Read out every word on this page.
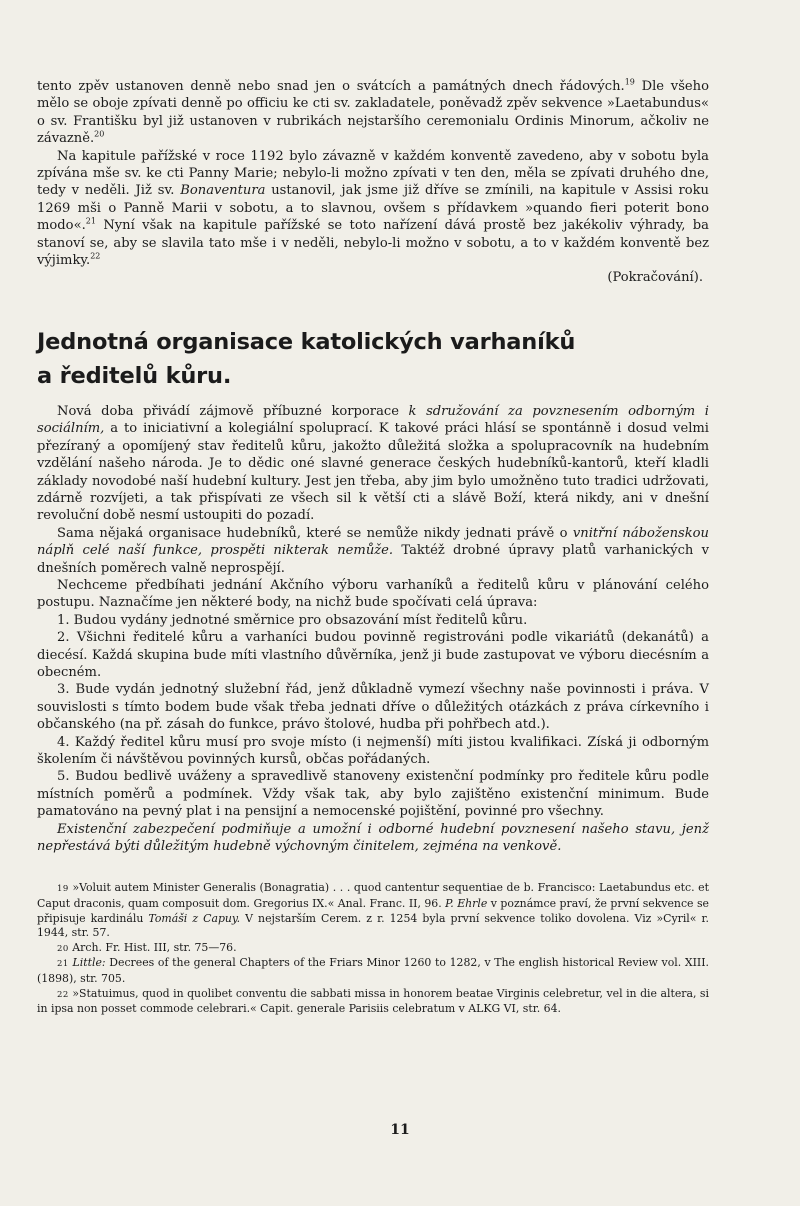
tento zpěv ustanoven denně nebo snad jen o svátcích a památných dnech řádových.$^{19}$ Dle všeho mělo se oboje zpívati denně po officiu ke cti sv. zakladatele, poněvadž zpěv sekvence »Laetabundus« o sv. Františku byl již ustanoven v rubrikách nejstaršího ceremonialu Ordinis Minorum, ačkoliv ne závazně.$^{20}$

Na kapitule pařížské v roce 1192 bylo závazně v každém konventě zavedeno, aby v sobotu byla zpívána mše sv. ke cti Panny Marie; nebylo-li možno zpívati v ten den, měla se zpívati druhého dne, tedy v neděli. Již sv. Bonaventura ustanovil, jak jsme již dříve se zmínili, na kapitule v Assisi roku 1269 mši o Panně Marii v sobotu, a to slavnou, ovšem s přídavkem »quando fieri poterit bono modo«.$^{21}$ Nyní však na kapitule pařížské se toto nařízení dává prostě bez jakékoliv výhrady, ba stanoví se, aby se slavila tato mše i v neděli, nebylo-li možno v sobotu, a to v každém konventě bez výjimky.$^{22}$

(Pokračování).

Jednotná organisace katolických varhaníků
a ředitelů kůru.

Nová doba přivádí zájmově příbuzné korporace k sdružování za povznesením odborným i sociálním, a to iniciativní a kolegiální spoluprací. K takové práci hlásí se spontánně i dosud velmi přezíraný a opomíjený stav ředitelů kůru, jakožto důležitá složka a spolupracovník na hudebním vzdělání našeho národa. Je to dědic oné slavné generace českých hudebníků-kantorů, kteří kladli základy novodobé naší hudební kultury. Jest jen třeba, aby jim bylo umožněno tuto tradici udržovati, zdárně rozvíjeti, a tak přispívati ze všech sil k větší cti a slávě Boží, která nikdy, ani v dnešní revoluční době nesmí ustoupiti do pozadí.

Sama nějaká organisace hudebníků, které se nemůže nikdy jednati právě o vnitřní náboženskou náplň celé naší funkce, prospěti nikterak nemůže. Taktéž drobné úpravy platů varhanických v dnešních poměrech valně neprospějí.

Nechceme předbíhati jednání Akčního výboru varhaníků a ředitelů kůru v plánování celého postupu. Naznačíme jen některé body, na nichž bude spočívati celá úprava:

1. Budou vydány jednotné směrnice pro obsazování míst ředitelů kůru.

2. Všichni ředitelé kůru a varhaníci budou povinně registrováni podle vikariátů (dekanátů) a diecésí. Každá skupina bude míti vlastního důvěrníka, jenž ji bude zastupovat ve výboru diecésním a obecném.

3. Bude vydán jednotný služební řád, jenž důkladně vymezí všechny naše povinnosti i práva. V souvislosti s tímto bodem bude však třeba jednati dříve o důležitých otázkách z práva církevního i občanského (na př. zásah do funkce, právo štolové, hudba při pohřbech atd.).

4. Každý ředitel kůru musí pro svoje místo (i nejmenší) míti jistou kvalifikaci. Získá ji odborným školením či návštěvou povinných kursů, občas pořádaných.

5. Budou bedlivě uváženy a spravedlivě stanoveny existenční podmínky pro ředitele kůru podle místních poměrů a podmínek. Vždy však tak, aby bylo zajištěno existenční minimum. Bude pamatováno na pevný plat i na pensijní a nemocenské pojištění, povinné pro všechny.

Existenční zabezpečení podmiňuje a umožní i odborné hudební povznesení našeho stavu, jenž nepřestává býti důležitým hudebně výchovným činitelem, zejména na venkově.

19 »Voluit autem Minister Generalis (Bonagratia) . . . quod cantentur sequentiae de b. Francisco: Laetabundus etc. et Caput draconis, quam composuit dom. Gregorius IX.« Anal. Franc. II, 96. P. Ehrle v poznámce praví, že první sekvence se připisuje kardinálu Tomáši z Capuy. V nejstarším Cerem. z r. 1254 byla první sekvence toliko dovolena. Viz »Cyril« r. 1944, str. 57.

20 Arch. Fr. Hist. III, str. 75—76.

21 Little: Decrees of the general Chapters of the Friars Minor 1260 to 1282, v The english historical Review vol. XIII. (1898), str. 705.

22 »Statuimus, quod in quolibet conventu die sabbati missa in honorem beatae Virginis celebretur, vel in die altera, si in ipsa non posset commode celebrari.« Capit. generale Parisiis celebratum v ALKG VI, str. 64.

11
